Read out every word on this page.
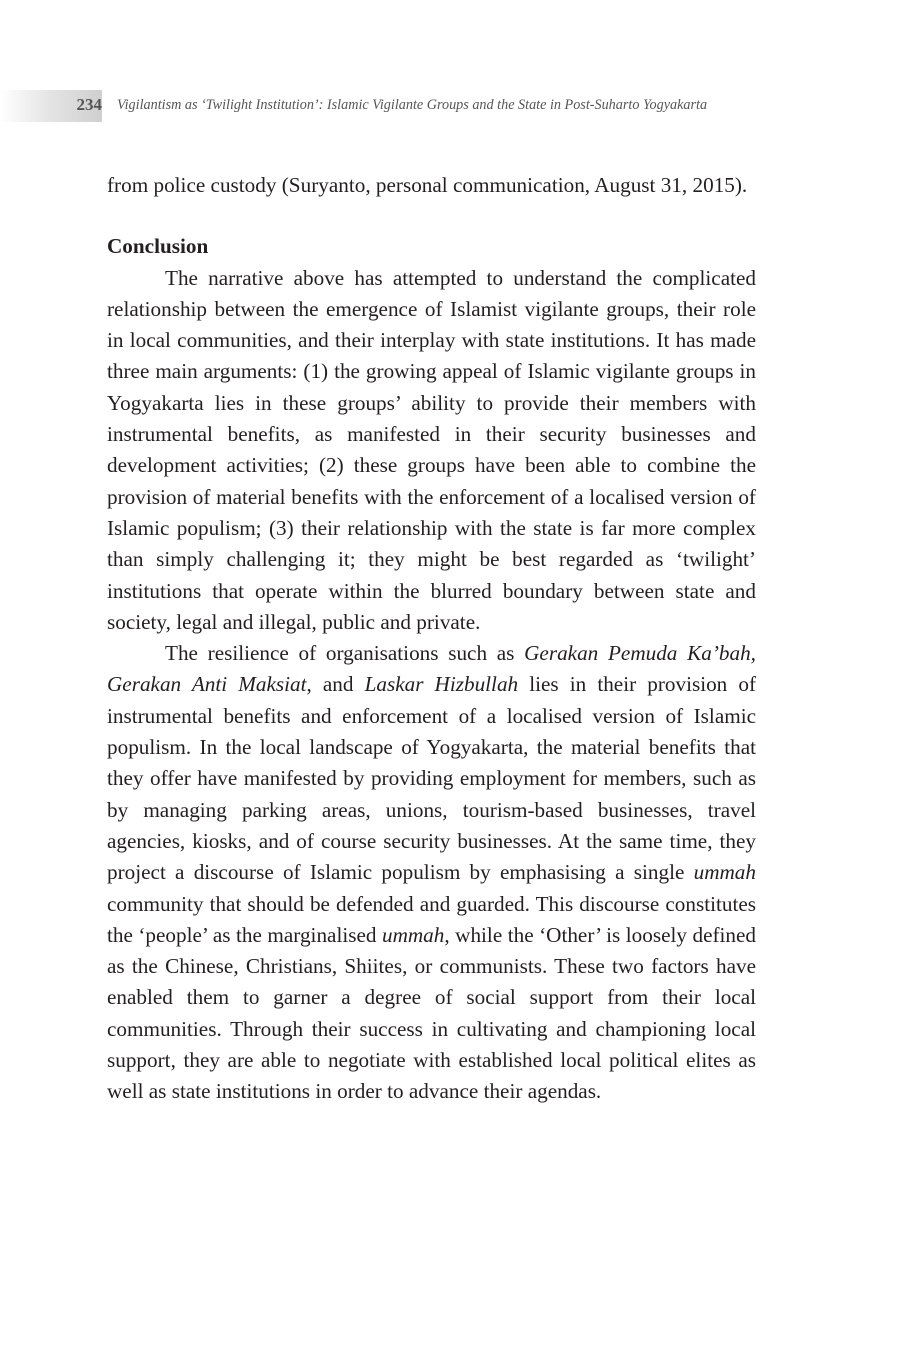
234 Vigilantism as ‘Twilight Institution’: Islamic Vigilante Groups and the State in Post-Suharto Yogyakarta

from police custody (Suryanto, personal communication, August 31, 2015).

Conclusion

The narrative above has attempted to understand the complicated relationship between the emergence of Islamist vigilante groups, their role in local communities, and their interplay with state institutions. It has made three main arguments: (1) the growing appeal of Islamic vigilante groups in Yogyakarta lies in these groups’ ability to provide their members with instrumental benefits, as manifested in their security businesses and development activities; (2) these groups have been able to combine the provision of material benefits with the enforcement of a localised version of Islamic populism; (3) their relationship with the state is far more complex than simply challenging it; they might be best regarded as ‘twilight’ institutions that operate within the blurred boundary between state and society, legal and illegal, public and private.

The resilience of organisations such as Gerakan Pemuda Ka’bah, Gerakan Anti Maksiat, and Laskar Hizbullah lies in their provision of instrumental benefits and enforcement of a localised version of Islamic populism. In the local landscape of Yogyakarta, the material benefits that they offer have manifested by providing employment for members, such as by managing parking areas, unions, tourism-based businesses, travel agencies, kiosks, and of course security businesses. At the same time, they project a discourse of Islamic populism by emphasising a single ummah community that should be defended and guarded. This discourse constitutes the ‘people’ as the marginalised ummah, while the ‘Other’ is loosely defined as the Chinese, Christians, Shiites, or communists. These two factors have enabled them to garner a degree of social support from their local communities. Through their success in cultivating and championing local support, they are able to negotiate with established local political elites as well as state institutions in order to advance their agendas.
